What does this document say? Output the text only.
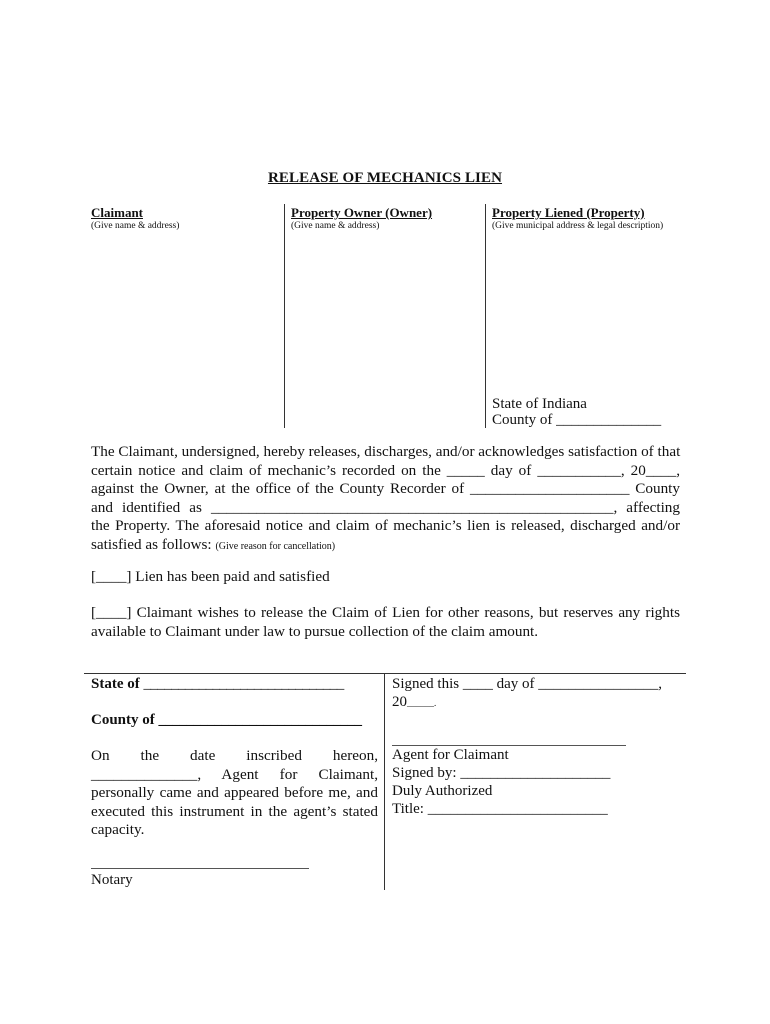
RELEASE OF MECHANICS LIEN
Claimant
(Give name & address)
Property Owner (Owner)
(Give name & address)
Property Liened (Property)
(Give municipal address & legal description)
State of Indiana
County of ______________
The Claimant, undersigned, hereby releases, discharges, and/or acknowledges satisfaction of that
certain notice and claim of mechanic’s recorded on the _____ day of ___________, 20____,
against the Owner, at the office of the County Recorder of _____________________ County
and identified as _____________________________________________________, affecting
the Property. The aforesaid notice and claim of mechanic’s lien is released, discharged and/or
satisfied as follows: (Give reason for cancellation)
[____] Lien has been paid and satisfied
[____] Claimant wishes to release the Claim of Lien for other reasons, but reserves any rights
available to Claimant under law to pursue collection of the claim amount.
State of _____________________________
County of _____________________________
On the date inscribed hereon,
______________, Agent for Claimant,
personally came and appeared before me, and
executed this instrument in the agent’s stated
capacity.
Notary
Signed this ____ day of ________________,
20______.
Agent for Claimant
Signed by: ____________________
Duly Authorized
Title: ________________________
